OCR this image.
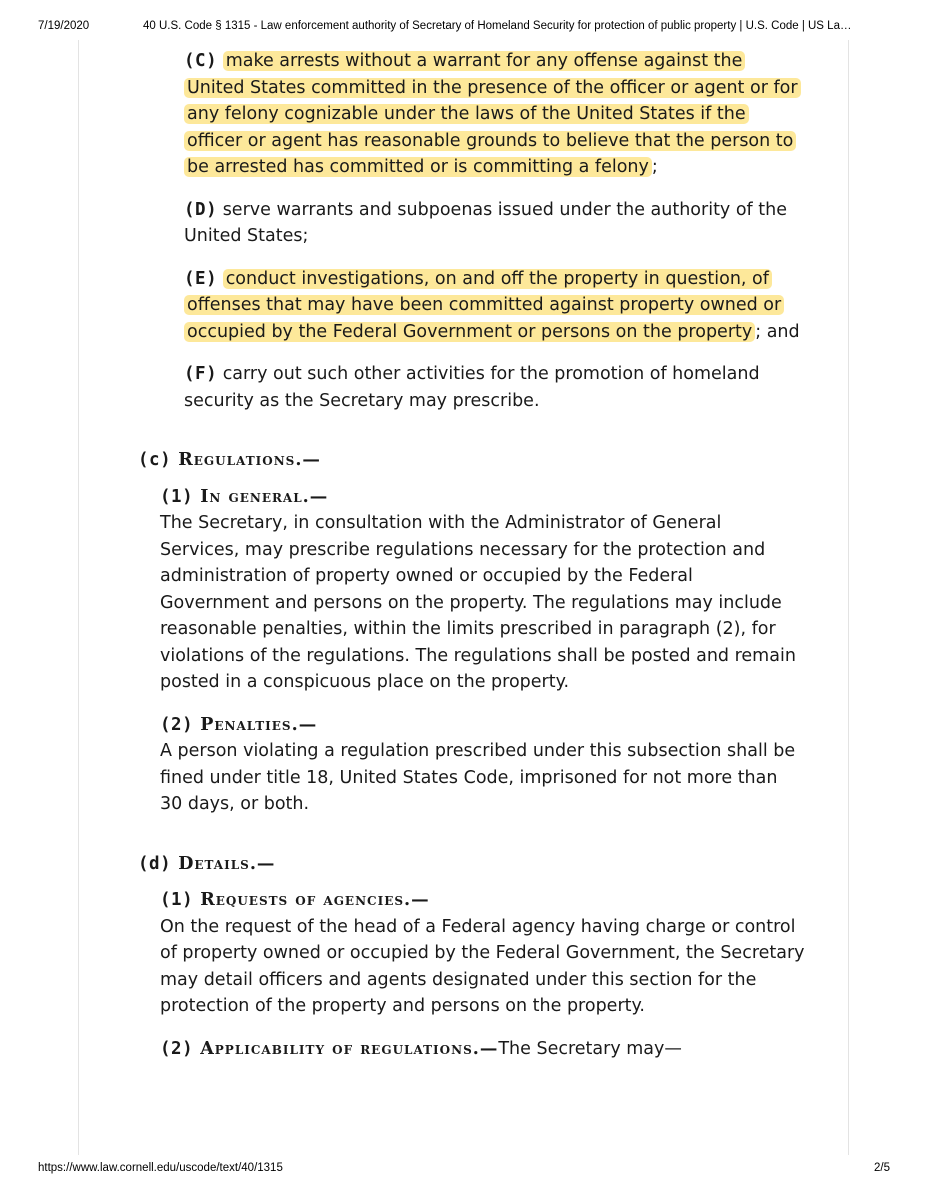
7/19/2020	40 U.S. Code § 1315 - Law enforcement authority of Secretary of Homeland Security for protection of public property | U.S. Code | US La…

(C) make arrests without a warrant for any offense against the United States committed in the presence of the officer or agent or for any felony cognizable under the laws of the United States if the officer or agent has reasonable grounds to believe that the person to be arrested has committed or is committing a felony ;

(D) serve warrants and subpoenas issued under the authority of the United States;

(E) conduct investigations, on and off the property in question, of offenses that may have been committed against property owned or occupied by the Federal Government or persons on the property ; and

(F) carry out such other activities for the promotion of homeland security as the Secretary may prescribe.

(c) Regulations.—

(1) In general.—

The Secretary, in consultation with the Administrator of General Services, may prescribe regulations necessary for the protection and administration of property owned or occupied by the Federal Government and persons on the property. The regulations may include reasonable penalties, within the limits prescribed in paragraph (2), for violations of the regulations. The regulations shall be posted and remain posted in a conspicuous place on the property.

(2) Penalties.—

A person violating a regulation prescribed under this subsection shall be fined under title 18, United States Code, imprisoned for not more than 30 days, or both.

(d) Details.—

(1) Requests of agencies.—

On the request of the head of a Federal agency having charge or control of property owned or occupied by the Federal Government, the Secretary may detail officers and agents designated under this section for the protection of the property and persons on the property.

(2) Applicability of regulations.—The Secretary may—

https://www.law.cornell.edu/uscode/text/40/1315	2/5
